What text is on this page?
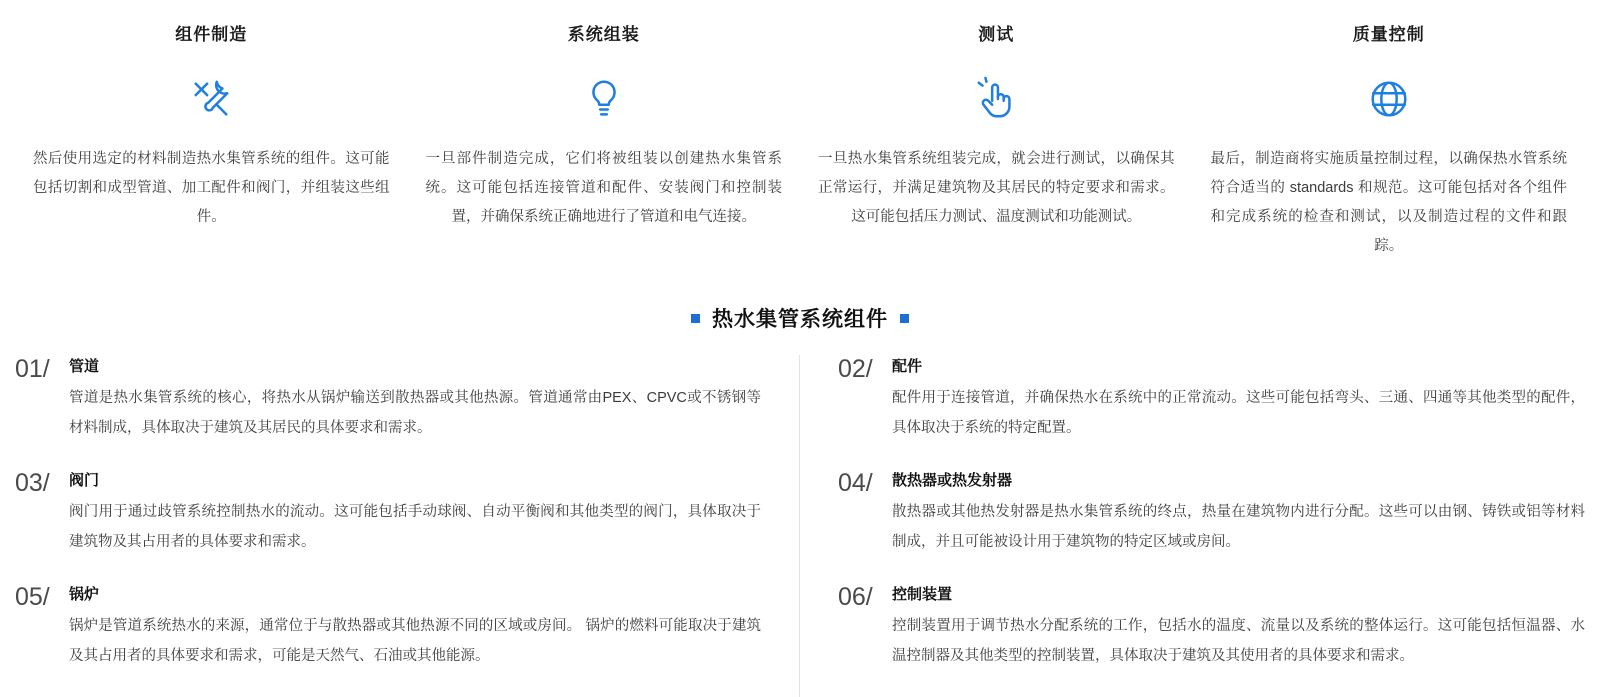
组件制造
然后使用选定的材料制造热水集管系统的组件。这可能包括切割和成型管道、加工配件和阀门，并组装这些组件。
系统组装
一旦部件制造完成，它们将被组装以创建热水集管系统。这可能包括连接管道和配件、安装阀门和控制装置，并确保系统正确地进行了管道和电气连接。
测试
一旦热水集管系统组装完成，就会进行测试，以确保其正常运行，并满足建筑物及其居民的特定要求和需求。这可能包括压力测试、温度测试和功能测试。
质量控制
最后，制造商将实施质量控制过程，以确保热水管系统符合适当的 standards 和规范。这可能包括对各个组件和完成系统的检查和测试，以及制造过程的文件和跟踪。
热水集管系统组件
01/	管道
管道是热水集管系统的核心，将热水从锅炉输送到散热器或其他热源。管道通常由PEX、CPVC或不锈钢等材料制成，具体取决于建筑及其居民的具体要求和需求。
03/	阀门
阀门用于通过歧管系统控制热水的流动。这可能包括手动球阀、自动平衡阀和其他类型的阀门，具体取决于建筑物及其占用者的具体要求和需求。
05/	锅炉
锅炉是管道系统热水的来源，通常位于与散热器或其他热源不同的区域或房间。 锅炉的燃料可能取决于建筑及其占用者的具体要求和需求，可能是天然气、石油或其他能源。
02/	配件
配件用于连接管道，并确保热水在系统中的正常流动。这些可能包括弯头、三通、四通等其他类型的配件，具体取决于系统的特定配置。
04/	散热器或热发射器
散热器或其他热发射器是热水集管系统的终点，热量在建筑物内进行分配。这些可以由钢、铸铁或铝等材料制成，并且可能被设计用于建筑物的特定区域或房间。
06/	控制装置
控制装置用于调节热水分配系统的工作，包括水的温度、流量以及系统的整体运行。这可能包括恒温器、水温控制器及其他类型的控制装置，具体取决于建筑及其使用者的具体要求和需求。
